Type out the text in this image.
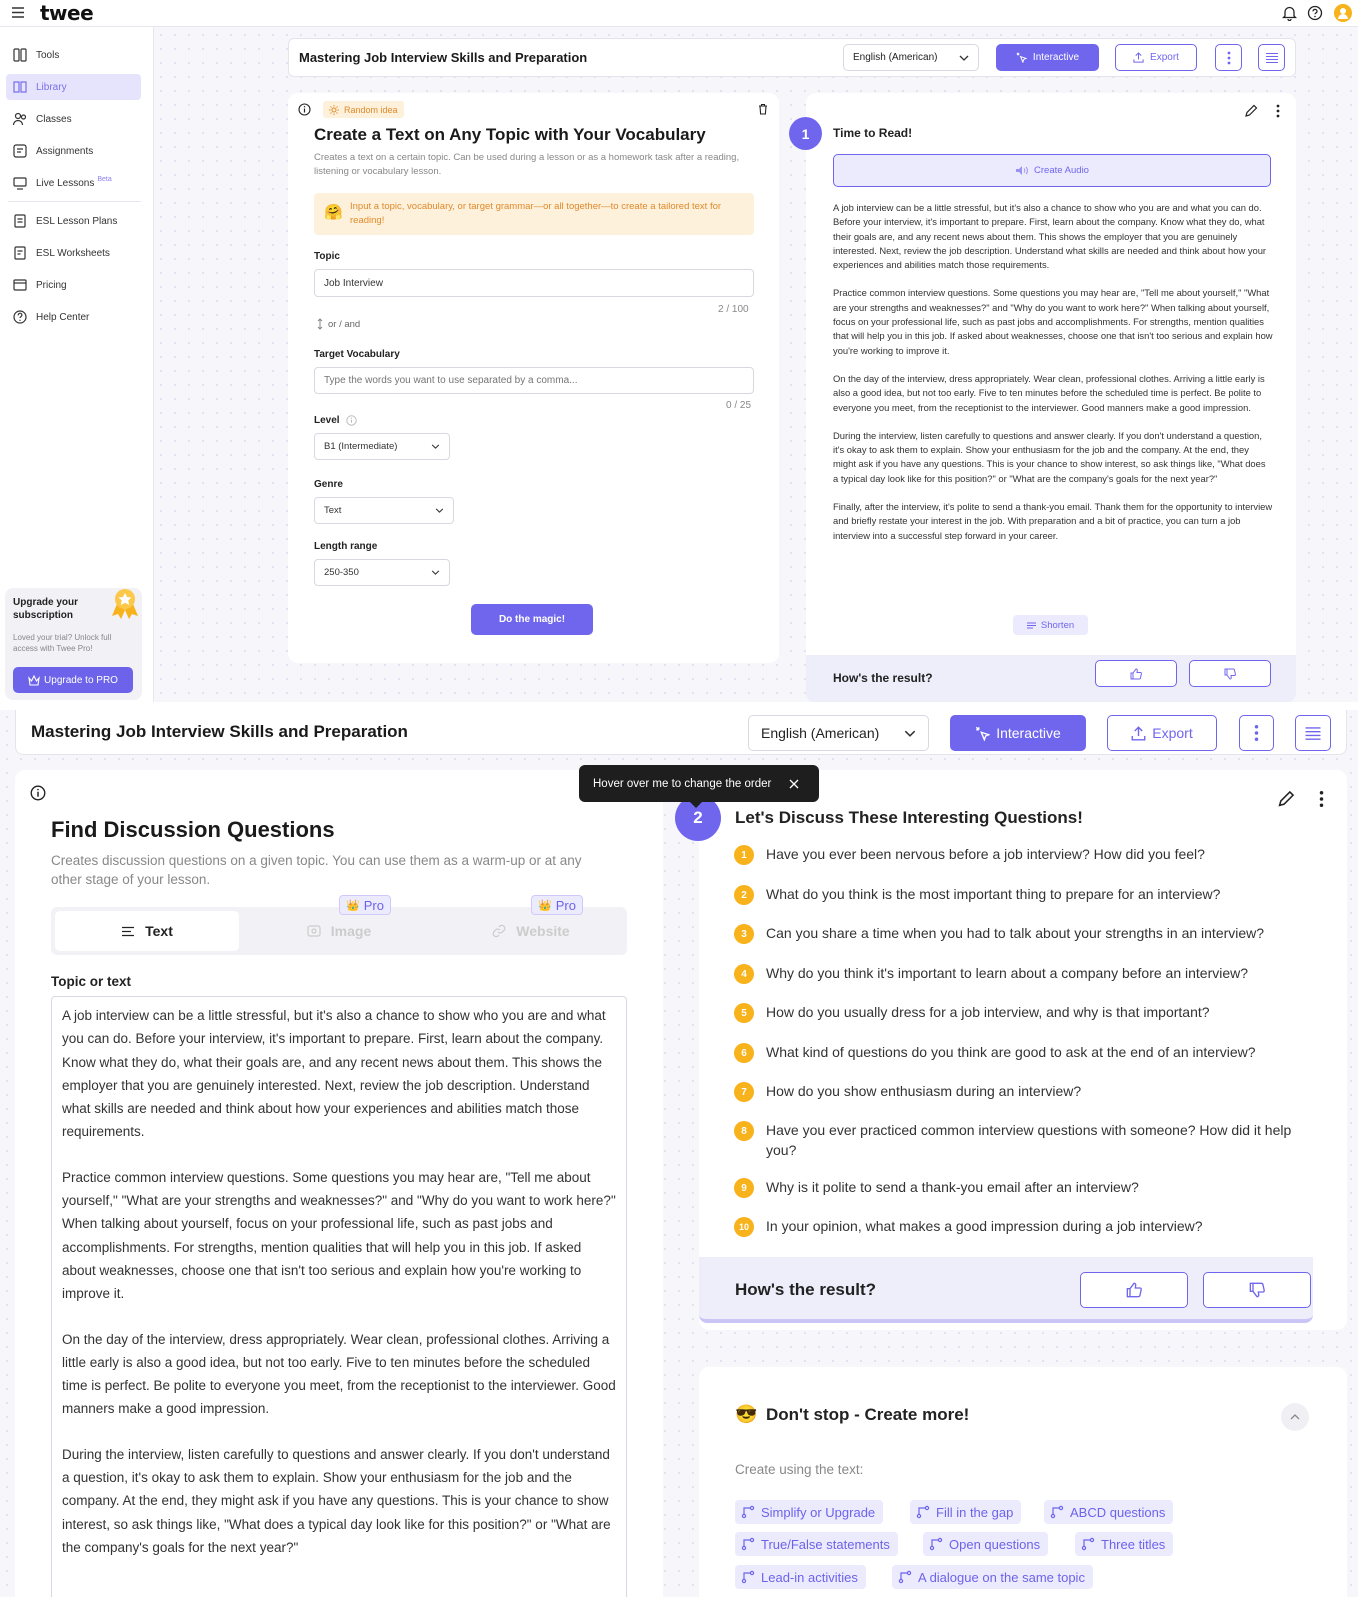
twee
Tools
Library
Classes
Assignments
Live Lessons Beta
ESL Lesson Plans
ESL Worksheets
Pricing
Help Center
Upgrade your subscription
Loved your trial? Unlock full access with Twee Pro!
Upgrade to PRO
Mastering Job Interview Skills and Preparation	English (American)	Interactive	Export
Random idea
Create a Text on Any Topic with Your Vocabulary
Creates a text on a certain topic. Can be used during a lesson or as a homework task after a reading, listening or vocabulary lesson.
🤗 Input a topic, vocabulary, or target grammar—or all together—to create a tailored text for reading!
Topic
Job Interview
2 / 100
or / and
Target Vocabulary
Type the words you want to use separated by a comma...
0 / 25
Level
B1 (Intermediate)
Genre
Text
Length range
250-350
Do the magic!
How's the result?

A job interview can be a little stressful, but it's also a chance to show who you are and what you can do. Before your interview, it's important to prepare. First, learn about the company. Know what they do, what their goals are, and any recent news about them. This shows the employer that you are genuinely interested. Next, review the job description. Understand what skills are needed and think about how your experiences and abilities match those requirements.

Practice common interview questions. Some questions you may hear are, "Tell me about yourself," "What are your strengths and weaknesses?" and "Why do you want to work here?" When talking about yourself, focus on your professional life, such as past jobs and accomplishments. For strengths, mention qualities that will help you in this job. If asked about weaknesses, choose one that isn't too serious and explain how you're working to improve it.

On the day of the interview, dress appropriately. Wear clean, professional clothes. Arriving a little early is also a good idea, but not too early. Five to ten minutes before the scheduled time is perfect. Be polite to everyone you meet, from the receptionist to the interviewer. Good manners make a good impression.

During the interview, listen carefully to questions and answer clearly. If you don't understand a question, it's okay to ask them to explain. Show your enthusiasm for the job and the company. At the end, they might ask if you have any questions. This is your chance to show interest, so ask things like, "What does a typical day look like for this position?" or "What are the company's goals for the next year?"

Finally, after the interview, it's polite to send a thank-you email. Thank them for the opportunity to interview and briefly restate your interest in the job. With preparation and a bit of practice, you can turn a job interview into a successful step forward in your career.

Shorten
1	Time to Read!
Create Audio
Mastering Job Interview Skills and Preparation	English (American)	Interactive	Export
Find Discussion Questions
Creates discussion questions on a given topic. You can use them as a warm-up or at any other stage of your lesson.
Text	Image	Website
👑 Pro	👑 Pro
Topic or text

A job interview can be a little stressful, but it's also a chance to show who you are and what you can do. Before your interview, it's important to prepare. First, learn about the company. Know what they do, what their goals are, and any recent news about them. This shows the employer that you are genuinely interested. Next, review the job description. Understand what skills are needed and think about how your experiences and abilities match those requirements.

Practice common interview questions. Some questions you may hear are, "Tell me about yourself," "What are your strengths and weaknesses?" and "Why do you want to work here?" When talking about yourself, focus on your professional life, such as past jobs and accomplishments. For strengths, mention qualities that will help you in this job. If asked about weaknesses, choose one that isn't too serious and explain how you're working to improve it.

On the day of the interview, dress appropriately. Wear clean, professional clothes. Arriving a little early is also a good idea, but not too early. Five to ten minutes before the scheduled time is perfect. Be polite to everyone you meet, from the receptionist to the interviewer. Good manners make a good impression.

During the interview, listen carefully to questions and answer clearly. If you don't understand a question, it's okay to ask them to explain. Show your enthusiasm for the job and the company. At the end, they might ask if you have any questions. This is your chance to show interest, so ask things like, "What does a typical day look like for this position?" or "What are the company's goals for the next year?"

How's the result?
2	Let's Discuss These Interesting Questions!
1	Have you ever been nervous before a job interview? How did you feel?
2	What do you think is the most important thing to prepare for an interview?
3	Can you share a time when you had to talk about your strengths in an interview?
4	Why do you think it's important to learn about a company before an interview?
5	How do you usually dress for a job interview, and why is that important?
6	What kind of questions do you think are good to ask at the end of an interview?
7	How do you show enthusiasm during an interview?
8	Have you ever practiced common interview questions with someone? How did it help you?
9	Why is it polite to send a thank-you email after an interview?
10	In your opinion, what makes a good impression during a job interview?
Hover over me to change the order
😎 Don't stop - Create more!
Create using the text:
Simplify or Upgrade	Fill in the gap	ABCD questions
True/False statements	Open questions	Three titles
Lead-in activities	A dialogue on the same topic
